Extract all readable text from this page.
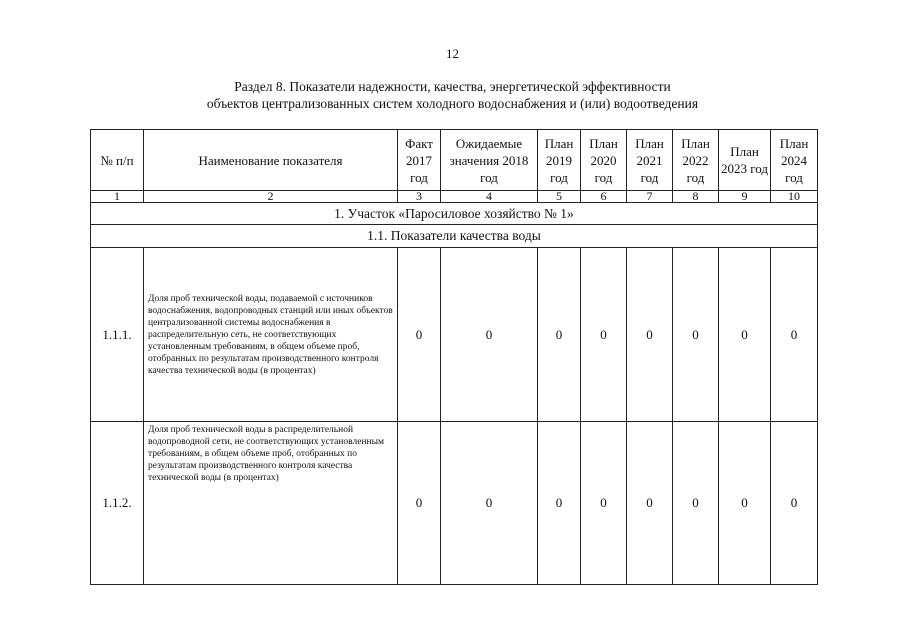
12
Раздел 8. Показатели надежности, качества, энергетической эффективности
объектов централизованных систем холодного водоснабжения и (или) водоотведения
№ п/п	Наименование показателя	Факт 2017 год	Ожидаемые значения 2018 год	План 2019 год	План 2020 год	План 2021 год	План 2022 год	План 2023 год	План 2024 год
1	2	3	4	5	6	7	8	9	10
1. Участок «Паросиловое хозяйство № 1»									
1.1. Показатели качества воды									
1.1.1.	Доля проб технической воды, подаваемой с источников водоснабжения, водопроводных станций или иных объектов централизованной системы водоснабжения в распределительную сеть, не соответствующих установленным требованиям, в общем объеме проб, отобранных по результатам производственного контроля качества технической воды (в процентах)	0	0	0	0	0	0	0	0
1.1.2.	Доля проб технической воды в распределительной водопроводной сети, не соответствующих установленным требованиям, в общем объеме проб, отобранных по результатам производственного контроля качества технической воды (в процентах)	0	0	0	0	0	0	0	0
